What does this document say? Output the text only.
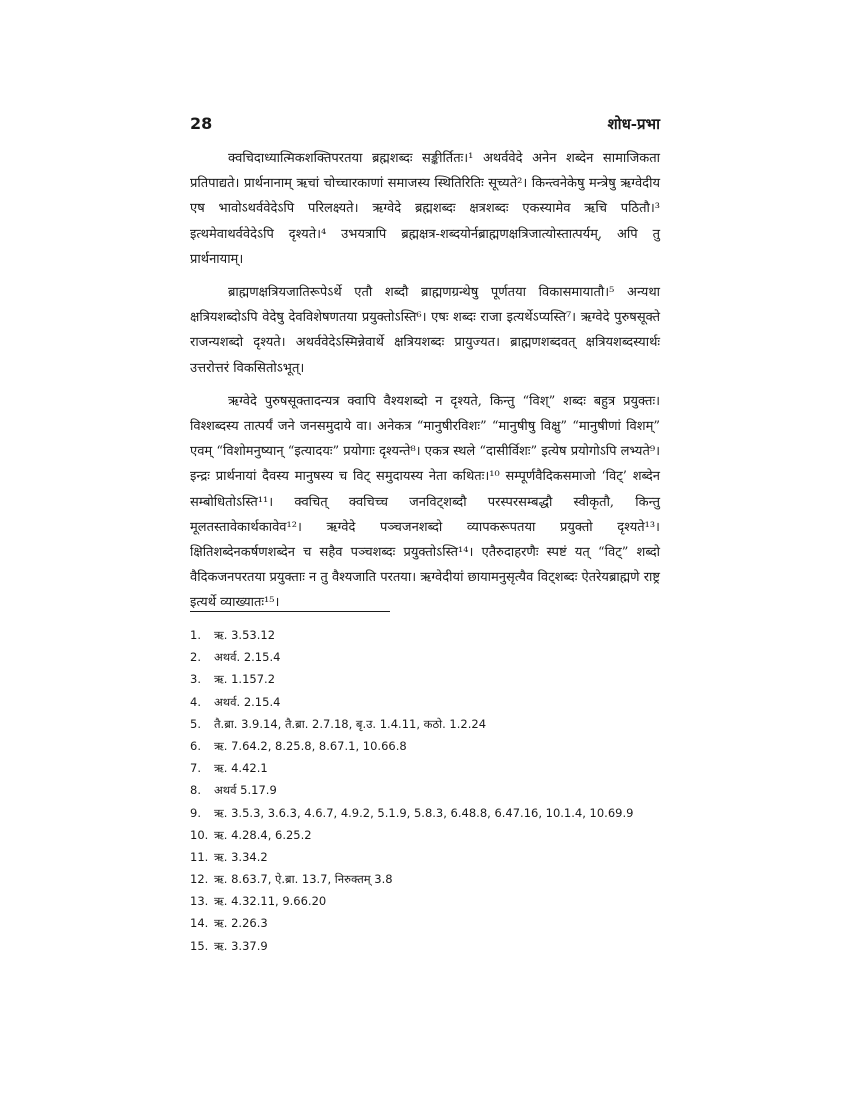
28	शोध-प्रभा

क्वचिदाध्यात्मिकशक्तिपरतया ब्रह्मशब्दः सङ्कीर्तितः।¹ अथर्ववेदे अनेन शब्देन सामाजिकता प्रतिपाद्यते। प्रार्थनानाम् ऋचां चोच्चारकाणां समाजस्य स्थितिरितिः सूच्यते²। किन्त्वनेकेषु मन्त्रेषु ऋग्वेदीय एष भावोऽथर्ववेदेऽपि परिलक्ष्यते। ऋग्वेदे ब्रह्मशब्दः क्षत्रशब्दः एकस्यामेव ऋचि पठितौ।³ इत्थमेवाथर्ववेदेऽपि दृश्यते।⁴ उभयत्रापि ब्रह्मक्षत्र-शब्दयोर्नब्राह्मणक्षत्रिजात्योस्तात्पर्यम्, अपि तु प्रार्थनायाम्।

ब्राह्मणक्षत्रियजातिरूपेऽर्थे एतौ शब्दौ ब्राह्मणग्रन्थेषु पूर्णतया विकासमायातौ।⁵ अन्यथा क्षत्रियशब्दोऽपि वेदेषु देवविशेषणतया प्रयुक्तोऽस्ति⁶। एषः शब्दः राजा इत्यर्थेऽप्यस्ति⁷। ऋग्वेदे पुरुषसूक्ते राजन्यशब्दो दृश्यते। अथर्ववेदेऽस्मिन्नेवार्थे क्षत्रियशब्दः प्रायुज्यत। ब्राह्मणशब्दवत् क्षत्रियशब्दस्यार्थः उत्तरोत्तरं विकसितोऽभूत्।

ऋग्वेदे पुरुषसूक्तादन्यत्र क्वापि वैश्यशब्दो न दृश्यते, किन्तु “विश्” शब्दः बहुत्र प्रयुक्तः। विश्शब्दस्य तात्पर्यं जने जनसमुदाये वा। अनेकत्र “मानुषीरविशः” “मानुषीषु विक्षु” “मानुषीणां विशम्” एवम् “विशोमनुष्यान् “इत्यादयः” प्रयोगाः दृश्यन्ते⁸। एकत्र स्थले “दासीर्विशः” इत्येष प्रयोगोऽपि लभ्यते⁹। इन्द्रः प्रार्थनायां दैवस्य मानुषस्य च विट् समुदायस्य नेता कथितः।¹⁰ सम्पूर्णवैदिकसमाजो ‘विट्’ शब्देन सम्बोधितोऽस्ति¹¹। क्वचित् क्वचिच्च जनविट्शब्दौ परस्परसम्बद्धौ स्वीकृतौ, किन्तु मूलतस्तावेकार्थकावेव¹²। ऋग्वेदे पञ्चजनशब्दो व्यापकरूपतया प्रयुक्तो दृश्यते¹³। क्षितिशब्देनकर्षणशब्देन च सहैव पञ्चशब्दः प्रयुक्तोऽस्ति¹⁴। एतैरुदाहरणैः स्पष्टं यत् “विट्” शब्दो वैदिकजनपरतया प्रयुक्ताः न तु वैश्यजाति परतया। ऋग्वेदीयां छायामनुसृत्यैव विट्शब्दः ऐतरेयब्राह्मणे राष्ट्र इत्यर्थे व्याख्यातः¹⁵।

1. ऋ. 3.53.12
2. अथर्व. 2.15.4
3. ऋ. 1.157.2
4. अथर्व. 2.15.4
5. तै.ब्रा. 3.9.14, तै.ब्रा. 2.7.18, बृ.उ. 1.4.11, कठो. 1.2.24
6. ऋ. 7.64.2, 8.25.8, 8.67.1, 10.66.8
7. ऋ. 4.42.1
8. अथर्व 5.17.9
9. ऋ. 3.5.3, 3.6.3, 4.6.7, 4.9.2, 5.1.9, 5.8.3, 6.48.8, 6.47.16, 10.1.4, 10.69.9
10. ऋ. 4.28.4, 6.25.2
11. ऋ. 3.34.2
12. ऋ. 8.63.7, ऐ.ब्रा. 13.7, निरुक्तम् 3.8
13. ऋ. 4.32.11, 9.66.20
14. ऋ. 2.26.3
15. ऋ. 3.37.9
